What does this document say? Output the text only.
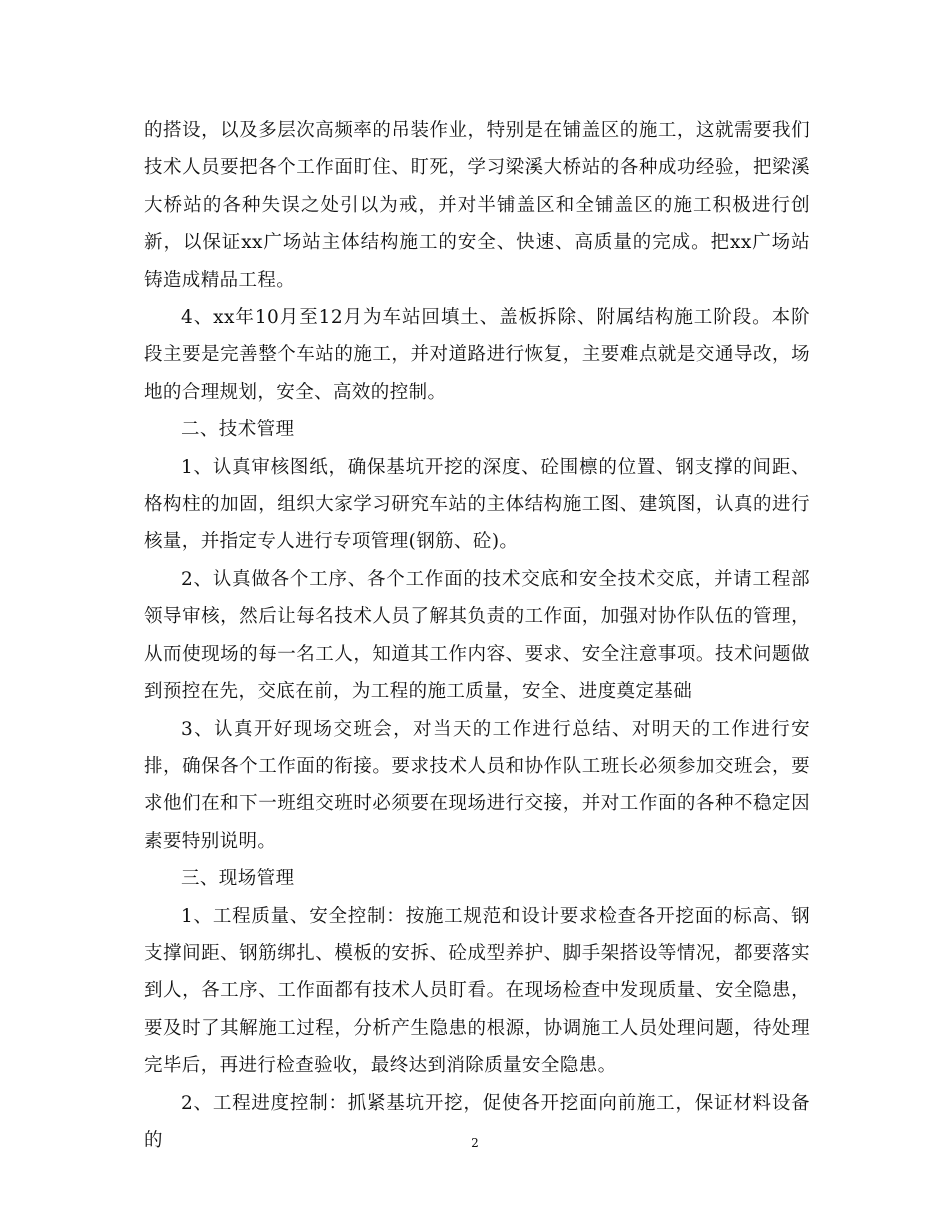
的搭设，以及多层次高频率的吊装作业，特别是在铺盖区的施工，这就需要我们技术人员要把各个工作面盯住、盯死，学习梁溪大桥站的各种成功经验，把梁溪大桥站的各种失误之处引以为戒，并对半铺盖区和全铺盖区的施工积极进行创新，以保证xx广场站主体结构施工的安全、快速、高质量的完成。把xx广场站铸造成精品工程。

4、xx年10月至12月为车站回填土、盖板拆除、附属结构施工阶段。本阶段主要是完善整个车站的施工，并对道路进行恢复，主要难点就是交通导改，场地的合理规划，安全、高效的控制。

二、技术管理

1、认真审核图纸，确保基坑开挖的深度、砼围檩的位置、钢支撑的间距、格构柱的加固，组织大家学习研究车站的主体结构施工图、建筑图，认真的进行核量，并指定专人进行专项管理(钢筋、砼)。

2、认真做各个工序、各个工作面的技术交底和安全技术交底，并请工程部领导审核，然后让每名技术人员了解其负责的工作面，加强对协作队伍的管理，从而使现场的每一名工人，知道其工作内容、要求、安全注意事项。技术问题做到预控在先，交底在前，为工程的施工质量，安全、进度奠定基础

3、认真开好现场交班会，对当天的工作进行总结、对明天的工作进行安排，确保各个工作面的衔接。要求技术人员和协作队工班长必须参加交班会，要求他们在和下一班组交班时必须要在现场进行交接，并对工作面的各种不稳定因素要特别说明。

三、现场管理

1、工程质量、安全控制：按施工规范和设计要求检查各开挖面的标高、钢支撑间距、钢筋绑扎、模板的安拆、砼成型养护、脚手架搭设等情况，都要落实到人，各工序、工作面都有技术人员盯看。在现场检查中发现质量、安全隐患，要及时了其解施工过程，分析产生隐患的根源，协调施工人员处理问题，待处理完毕后，再进行检查验收，最终达到消除质量安全隐患。

2、工程进度控制：抓紧基坑开挖，促使各开挖面向前施工，保证材料设备的	2
